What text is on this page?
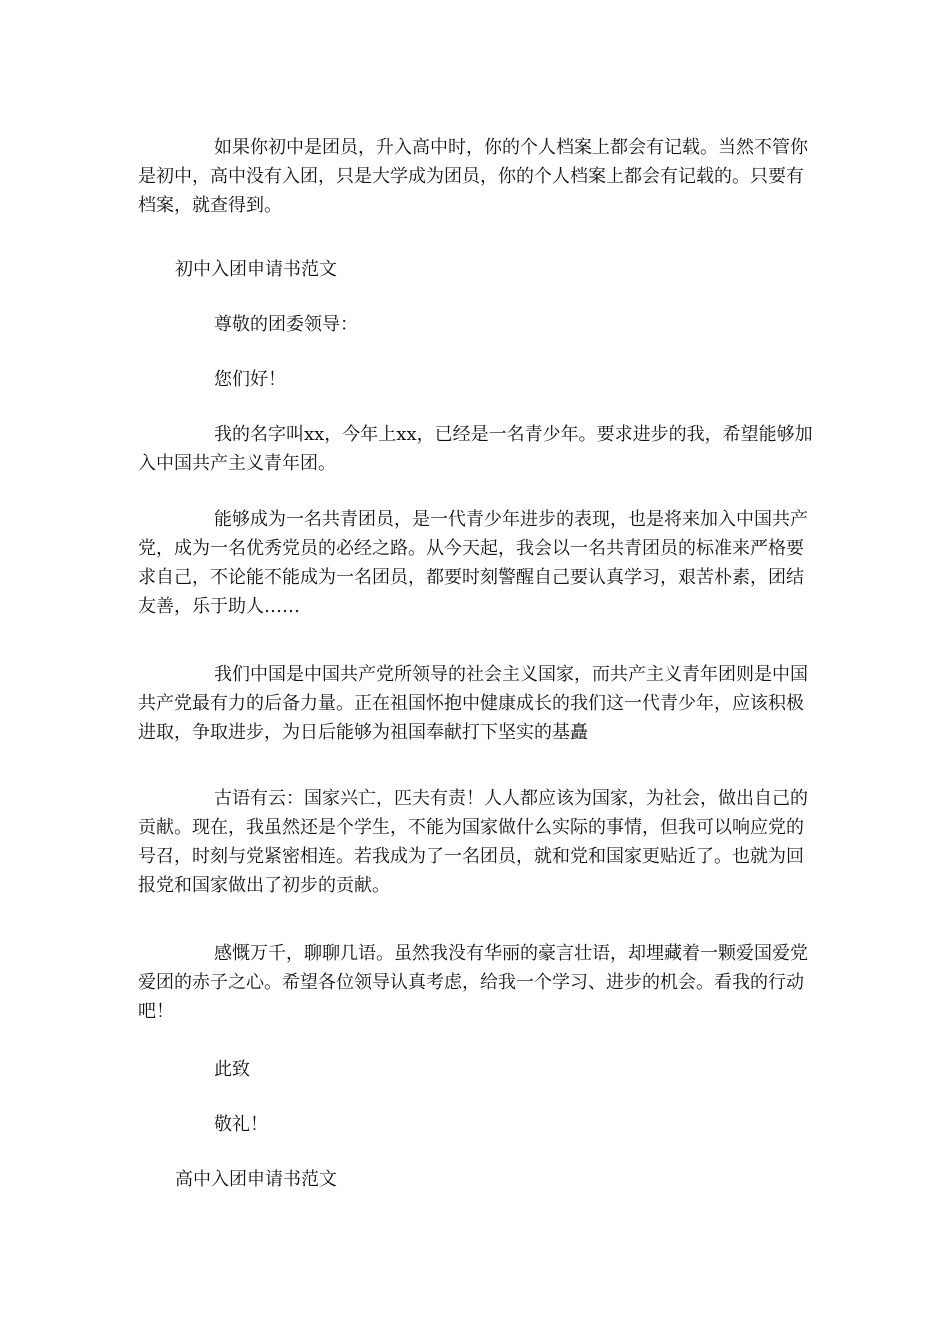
如果你初中是团员，升入高中时，你的个人档案上都会有记载。当然不管你是初中，高中没有入团，只是大学成为团员，你的个人档案上都会有记载的。只要有档案，就查得到。

初中入团申请书范文

尊敬的团委领导：

您们好！

我的名字叫xx，今年上xx，已经是一名青少年。要求进步的我，希望能够加入中国共产主义青年团。

能够成为一名共青团员，是一代青少年进步的表现，也是将来加入中国共产党，成为一名优秀党员的必经之路。从今天起，我会以一名共青团员的标准来严格要求自己，不论能不能成为一名团员，都要时刻警醒自己要认真学习，艰苦朴素，团结友善，乐于助人……

我们中国是中国共产党所领导的社会主义国家，而共产主义青年团则是中国共产党最有力的后备力量。正在祖国怀抱中健康成长的我们这一代青少年，应该积极进取，争取进步，为日后能够为祖国奉献打下坚实的基矗

古语有云：国家兴亡，匹夫有责！人人都应该为国家，为社会，做出自己的贡献。现在，我虽然还是个学生，不能为国家做什么实际的事情，但我可以响应党的号召，时刻与党紧密相连。若我成为了一名团员，就和党和国家更贴近了。也就为回报党和国家做出了初步的贡献。

感慨万千，聊聊几语。虽然我没有华丽的豪言壮语，却埋藏着一颗爱国爱党爱团的赤子之心。希望各位领导认真考虑，给我一个学习、进步的机会。看我的行动吧！

此致

敬礼！

高中入团申请书范文
